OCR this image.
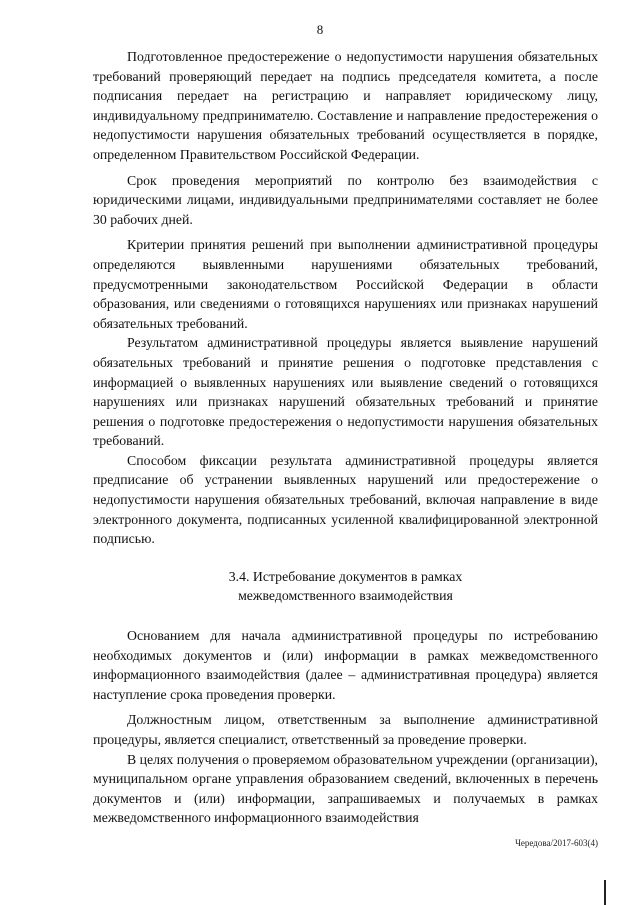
8

Подготовленное предостережение о недопустимости нарушения обязательных требований проверяющий передает на подпись председателя комитета, а после подписания передает на регистрацию и направляет юридическому лицу, индивидуальному предпринимателю. Составление и направление предостережения о недопустимости нарушения обязательных требований осуществляется в порядке, определенном Правительством Российской Федерации.

Срок проведения мероприятий по контролю без взаимодействия с юридическими лицами, индивидуальными предпринимателями составляет не более 30 рабочих дней.

Критерии принятия решений при выполнении административной процедуры определяются выявленными нарушениями обязательных требований, предусмотренными законодательством Российской Федерации в области образования, или сведениями о готовящихся нарушениях или признаках нарушений обязательных требований.

Результатом административной процедуры является выявление нарушений обязательных требований и принятие решения о подготовке представления с информацией о выявленных нарушениях или выявление сведений о готовящихся нарушениях или признаках нарушений обязательных требований и принятие решения о подготовке предостережения о недопустимости нарушения обязательных требований.

Способом фиксации результата административной процедуры является предписание об устранении выявленных нарушений или предостережение о недопустимости нарушения обязательных требований, включая направление в виде электронного документа, подписанных усиленной квалифицированной электронной подписью.

3.4. Истребование документов в рамках
межведомственного взаимодействия

Основанием для начала административной процедуры по истребованию необходимых документов и (или) информации в рамках межведомственного информационного взаимодействия (далее – административная процедура) является наступление срока проведения проверки.

Должностным лицом, ответственным за выполнение административной процедуры, является специалист, ответственный за проведение проверки.

В целях получения о проверяемом образовательном учреждении (организации), муниципальном органе управления образованием сведений, включенных в перечень документов и (или) информации, запрашиваемых и получаемых в рамках межведомственного информационного взаимодействия

Чередова/2017-603(4)
